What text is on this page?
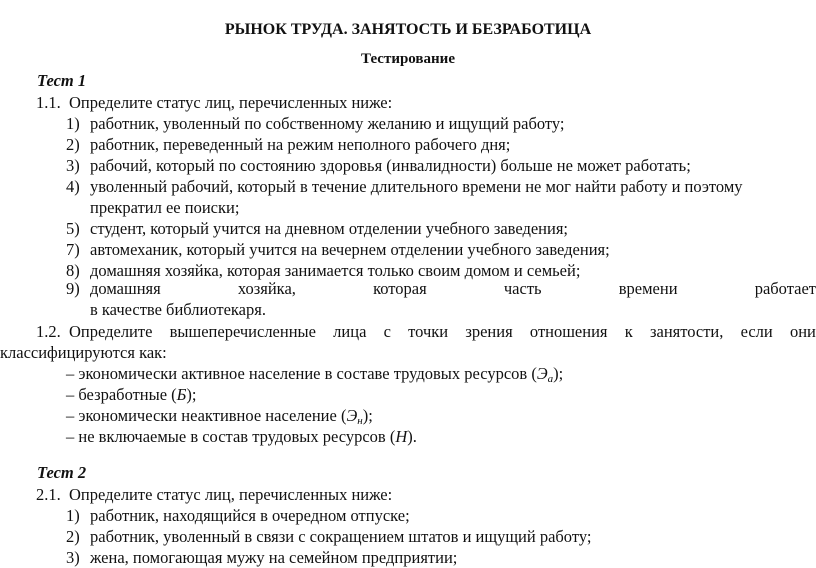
РЫНОК ТРУДА. ЗАНЯТОСТЬ И БЕЗРАБОТИЦА
Тестирование
Тест 1
1.1. Определите статус лиц, перечисленных ниже:
1) работник, уволенный по собственному желанию и ищущий работу;
2) работник, переведенный на режим неполного рабочего дня;
3) рабочий, который по состоянию здоровья (инвалидности) больше не может работать;
4) уволенный рабочий, который в течение длительного времени не мог найти работу и поэтому
прекратил ее поиски;
5) студент, который учится на дневном отделении учебного заведения;
7) автомеханик, который учится на вечернем отделении учебного заведения;
8) домашняя хозяйка, которая занимается только своим домом и семьей;
9) домашняя	хозяйка,	которая	часть	времени	работает
в качестве библиотекаря.
1.2. Определите вышеперечисленные лица с точки зрения отношения к занятости, если они
классифицируются как:
– экономически активное население в составе трудовых ресурсов (Эа);
– безработные (Б);
– экономически неактивное население (Эн);
– не включаемые в состав трудовых ресурсов (Н).
Тест 2
2.1. Определите статус лиц, перечисленных ниже:
1) работник, находящийся в очередном отпуске;
2) работник, уволенный в связи с сокращением штатов и ищущий работу;
3) жена, помогающая мужу на семейном предприятии;
